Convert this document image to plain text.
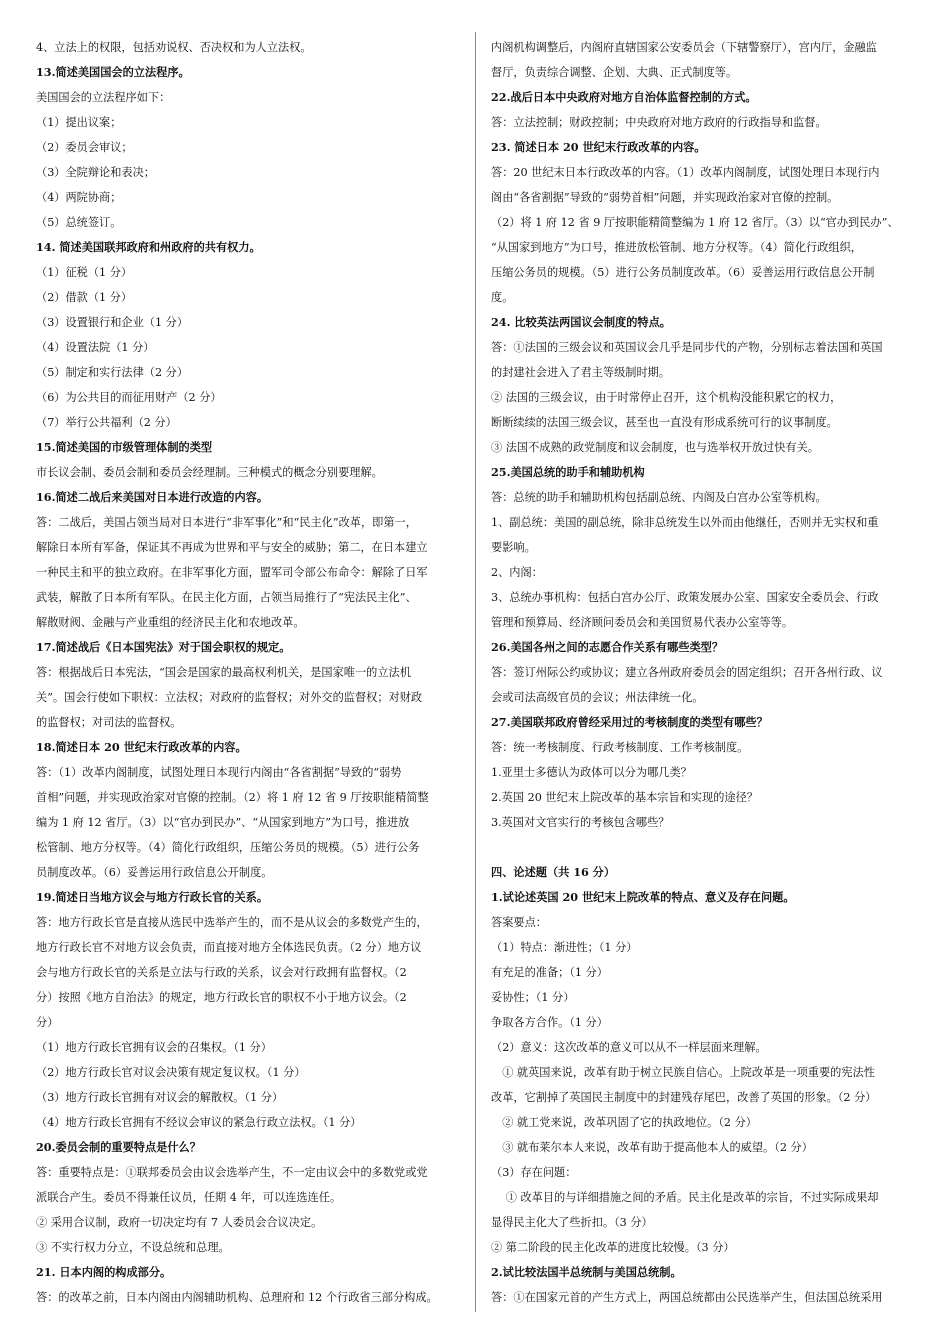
4、立法上的权限，包括劝说权、否决权和为人立法权。
13.简述美国国会的立法程序。
美国国会的立法程序如下：
（1）提出议案；
（2）委员会审议；
（3）全院辩论和表决；
（4）两院协商；
（5）总统签订。
14. 简述美国联邦政府和州政府的共有权力。
（1）征税（1 分）
（2）借款（1 分）
（3）设置银行和企业（1 分）
（4）设置法院（1 分）
（5）制定和实行法律（2 分）
（6）为公共目的而征用财产（2 分）
（7）举行公共福利（2 分）
15.简述美国的市级管理体制的类型
市长议会制、委员会制和委员会经理制。三种模式的概念分别要理解。
16.简述二战后来美国对日本进行改造的内容。
答：二战后，美国占领当局对日本进行“非军事化”和“民主化”改革，即第一，
解除日本所有军备，保证其不再成为世界和平与安全的威胁；第二，在日本建立
一种民主和平的独立政府。在非军事化方面，盟军司令部公布命令：解除了日军
武装，解散了日本所有军队。在民主化方面，占领当局推行了“宪法民主化”、
解散财阀、金融与产业重组的经济民主化和农地改革。
17.简述战后《日本国宪法》对于国会职权的规定。
答：根据战后日本宪法，“国会是国家的最高权利机关，是国家唯一的立法机
关”。国会行使如下职权：立法权；对政府的监督权；对外交的监督权；对财政
的监督权；对司法的监督权。
18.简述日本 20 世纪末行政改革的内容。
答：（1）改革内阁制度，试图处理日本现行内阁由“各省割据”导致的“弱势
首相”问题，并实现政治家对官僚的控制。（2）将 1 府 12 省 9 厅按职能精简整
编为 1 府 12 省厅。（3）以“官办到民办”、“从国家到地方”为口号，推进放
松管制、地方分权等。（4）简化行政组织，压缩公务员的规模。（5）进行公务
员制度改革。（6）妥善运用行政信息公开制度。
19.简述日当地方议会与地方行政长官的关系。
答：地方行政长官是直接从选民中选举产生的，而不是从议会的多数党产生的，
地方行政长官不对地方议会负责，而直接对地方全体选民负责。（2 分）地方议
会与地方行政长官的关系是立法与行政的关系，议会对行政拥有监督权。（2
分）按照《地方自治法》的规定，地方行政长官的职权不小于地方议会。（2
分）
（1）地方行政长官拥有议会的召集权。（1 分）
（2）地方行政长官对议会决策有规定复议权。（1 分）
（3）地方行政长官拥有对议会的解散权。（1 分）
（4）地方行政长官拥有不经议会审议的紧急行政立法权。（1 分）
20.委员会制的重要特点是什么？
答：重要特点是：①联邦委员会由议会选举产生，不一定由议会中的多数党或党
派联合产生。委员不得兼任议员，任期 4 年，可以连选连任。
② 采用合议制，政府一切决定均有 7 人委员会合议决定。
③ 不实行权力分立，不设总统和总理。
21. 日本内阁的构成部分。
答：的改革之前，日本内阁由内阁辅助机构、总理府和 12 个行政省三部分构成。
内阁机构调整后，内阁府直辖国家公安委员会（下辖警察厅），宫内厅，金融监
督厅，负责综合调整、企划、大典、正式制度等。
22.战后日本中央政府对地方自治体监督控制的方式。
答：立法控制；财政控制；中央政府对地方政府的行政指导和监督。
23. 简述日本 20 世纪末行政改革的内容。
答：20 世纪末日本行政改革的内容。（1）改革内阁制度，试图处理日本现行内
阁由“各省割据”导致的“弱势首相”问题，并实现政治家对官僚的控制。
（2）将 1 府 12 省 9 厅按职能精简整编为 1 府 12 省厅。（3）以“官办到民办”、
“从国家到地方”为口号，推进放松管制、地方分权等。（4）简化行政组织，
压缩公务员的规模。（5）进行公务员制度改革。（6）妥善运用行政信息公开制
度。
24. 比较英法两国议会制度的特点。
答：①法国的三级会议和英国议会几乎是同步代的产物，分别标志着法国和英国
的封建社会进入了君主等级制时期。
② 法国的三级会议，由于时常停止召开，这个机构没能积累它的权力，
断断续续的法国三级会议，甚至也一直没有形成系统可行的议事制度。
③ 法国不成熟的政党制度和议会制度，也与选举权开放过快有关。
25.美国总统的助手和辅助机构
答：总统的助手和辅助机构包括副总统、内阁及白宫办公室等机构。
1、副总统：美国的副总统，除非总统发生以外而由他继任，否则并无实权和重
要影响。
2、内阁：
3、总统办事机构：包括白宫办公厅、政策发展办公室、国家安全委员会、行政
管理和预算局、经济顾问委员会和美国贸易代表办公室等等。
26.美国各州之间的志愿合作关系有哪些类型？
答：签订州际公约或协议；建立各州政府委员会的固定组织；召开各州行政、议
会或司法高级官员的会议；州法律统一化。
27.美国联邦政府曾经采用过的考核制度的类型有哪些？
答：统一考核制度、行政考核制度、工作考核制度。
1.亚里士多德认为政体可以分为哪几类？
2.英国 20 世纪末上院改革的基本宗旨和实现的途径？
3.英国对文官实行的考核包含哪些？
四、论述题（共 16 分）
1.试论述英国 20 世纪末上院改革的特点、意义及存在问题。
答案要点：
（1）特点：渐进性；（1 分）
有充足的准备；（1 分）
妥协性；（1 分）
争取各方合作。（1 分）
（2）意义：这次改革的意义可以从不一样层面来理解。
　① 就英国来说，改革有助于树立民族自信心。上院改革是一项重要的宪法性
改革，它割掉了英国民主制度中的封建残存尾巴，改善了英国的形象。（2 分）
　② 就工党来说，改革巩固了它的执政地位。（2 分）
　③ 就布莱尔本人来说，改革有助于提高他本人的威望。（2 分）
（3）存在问题：
　 ① 改革目的与详细措施之间的矛盾。民主化是改革的宗旨，不过实际成果却
显得民主化大了些折扣。（3 分）
② 第二阶段的民主化改革的进度比较慢。（3 分）
2.试比较法国半总统制与美国总统制。
答：①在国家元首的产生方式上，两国总统都由公民选举产生，但法国总统采用
